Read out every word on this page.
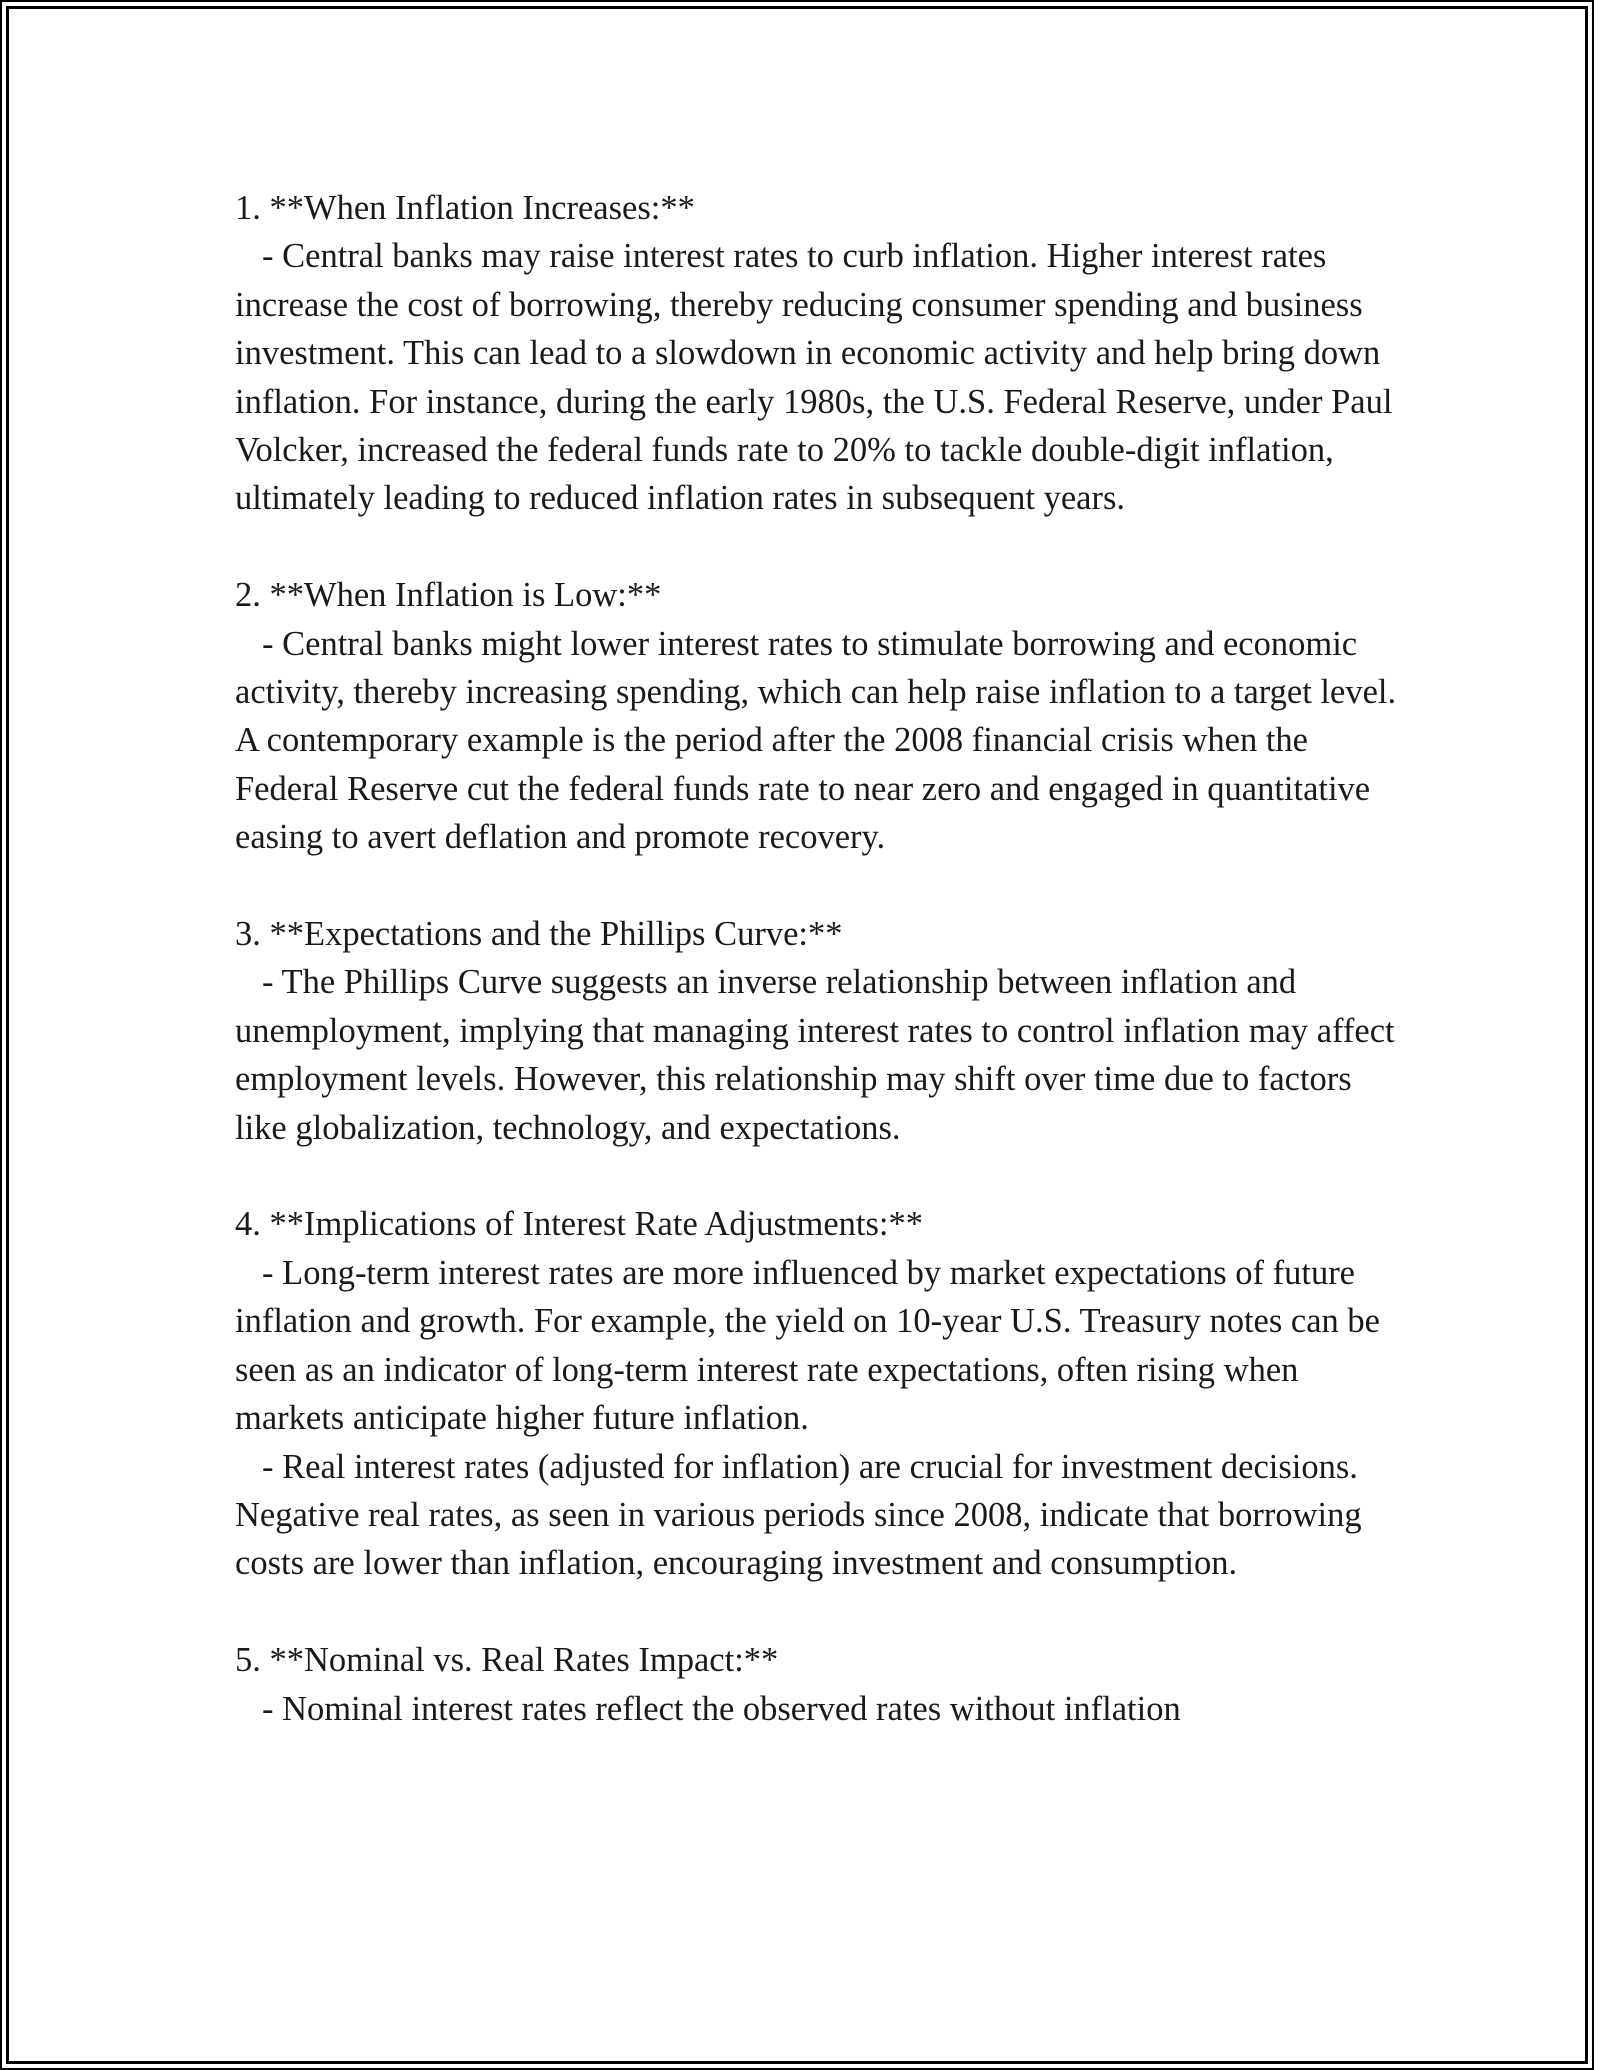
1. **When Inflation Increases:**
- Central banks may raise interest rates to curb inflation. Higher interest rates increase the cost of borrowing, thereby reducing consumer spending and business investment. This can lead to a slowdown in economic activity and help bring down inflation. For instance, during the early 1980s, the U.S. Federal Reserve, under Paul Volcker, increased the federal funds rate to 20% to tackle double-digit inflation, ultimately leading to reduced inflation rates in subsequent years.
2. **When Inflation is Low:**
- Central banks might lower interest rates to stimulate borrowing and economic activity, thereby increasing spending, which can help raise inflation to a target level. A contemporary example is the period after the 2008 financial crisis when the Federal Reserve cut the federal funds rate to near zero and engaged in quantitative easing to avert deflation and promote recovery.
3. **Expectations and the Phillips Curve:**
- The Phillips Curve suggests an inverse relationship between inflation and unemployment, implying that managing interest rates to control inflation may affect employment levels. However, this relationship may shift over time due to factors like globalization, technology, and expectations.
4. **Implications of Interest Rate Adjustments:**
- Long-term interest rates are more influenced by market expectations of future inflation and growth. For example, the yield on 10-year U.S. Treasury notes can be seen as an indicator of long-term interest rate expectations, often rising when markets anticipate higher future inflation.
- Real interest rates (adjusted for inflation) are crucial for investment decisions. Negative real rates, as seen in various periods since 2008, indicate that borrowing costs are lower than inflation, encouraging investment and consumption.
5. **Nominal vs. Real Rates Impact:**
- Nominal interest rates reflect the observed rates without inflation
